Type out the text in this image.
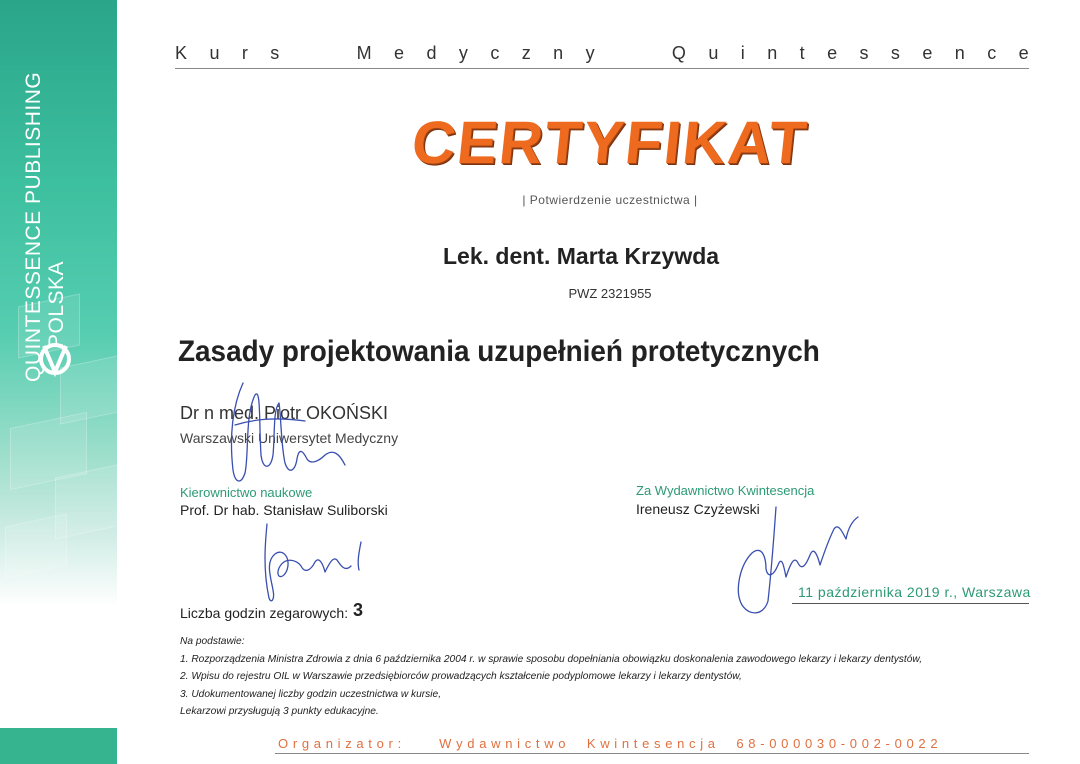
QUINTESSENCE PUBLISHING POLSKA
K u r s

	M e d y c z n y

	Q u i n t e s s e n c e
CERTYFIKAT
| Potwierdzenie uczestnictwa |
Lek. dent. Marta Krzywda
PWZ 2321955
Zasady projektowania uzupełnień protetycznych
Dr n med. Piotr OKOŃSKI
Warszawski Uniwersytet Medyczny
Kierownictwo naukowe
Prof. Dr hab. Stanisław Suliborski
Za Wydawnictwo Kwintesencja
Ireneusz Czyżewski
11 października 2019 r., Warszawa
Liczba godzin zegarowych: 3
Na podstawie:
1. Rozporządzenia Ministra Zdrowia z dnia 6 października 2004 r. w sprawie sposobu dopełniania obowiązku doskonalenia zawodowego lekarzy i lekarzy dentystów,
2. Wpisu do rejestru OIL w Warszawie przedsiębiorców prowadzących kształcenie podyplomowe lekarzy i lekarzy dentystów,
3. Udokumentowanej liczby godzin uczestnictwa w kursie,
Lekarzowi przysługują 3 punkty edukacyjne.
O r g a n i z a t o r :

	W y d a w n i c t w o

K w i n t e s e n c j a

6 8 - 0 0 0 0 3 0 - 0 0 2 - 0 0 2 2
